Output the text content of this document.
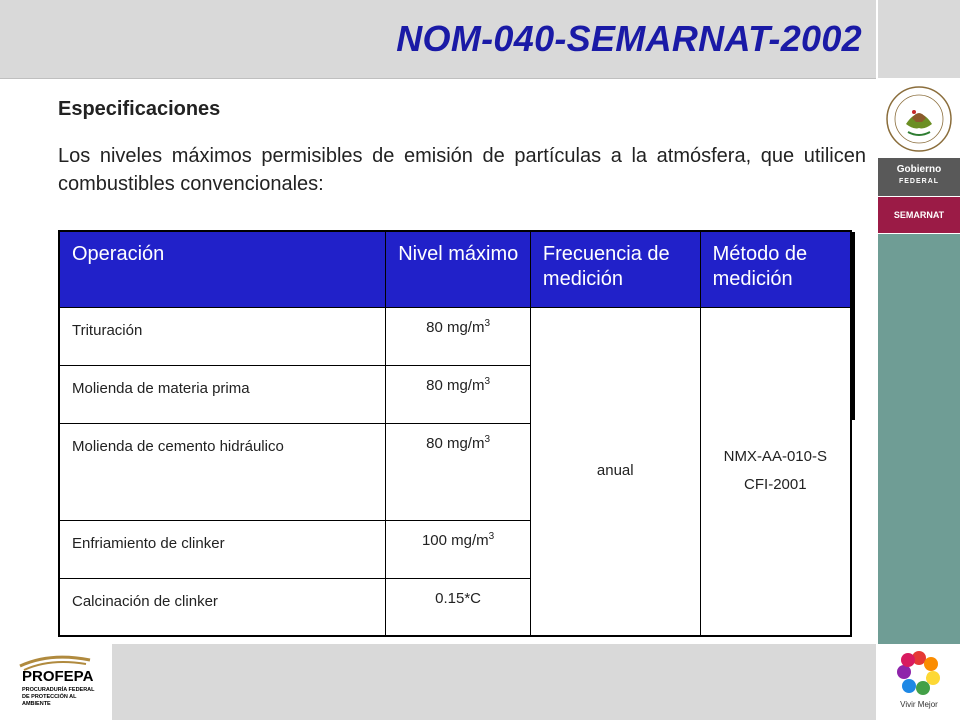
NOM-040-SEMARNAT-2002
Gobierno
FEDERAL
SEMARNAT
Vivir Mejor
PROFEPA
PROCURADURÍA FEDERAL DE PROTECCIÓN AL AMBIENTE
Especificaciones
Los niveles máximos permisibles de emisión de partículas a la atmósfera, que utilicen combustibles convencionales:
Operación	Nivel máximo	Frecuencia de medición	Método de medición
Trituración	80 $mg/m^3$	anual	NMX-AA-010-SCFI-2001
Molienda de materia prima	80 $mg/m^3$
Molienda de cemento hidráulico	80 $mg/m^3$
Enfriamiento de clinker	100 $mg/m^3$
Calcinación de clinker	0.15*C		
